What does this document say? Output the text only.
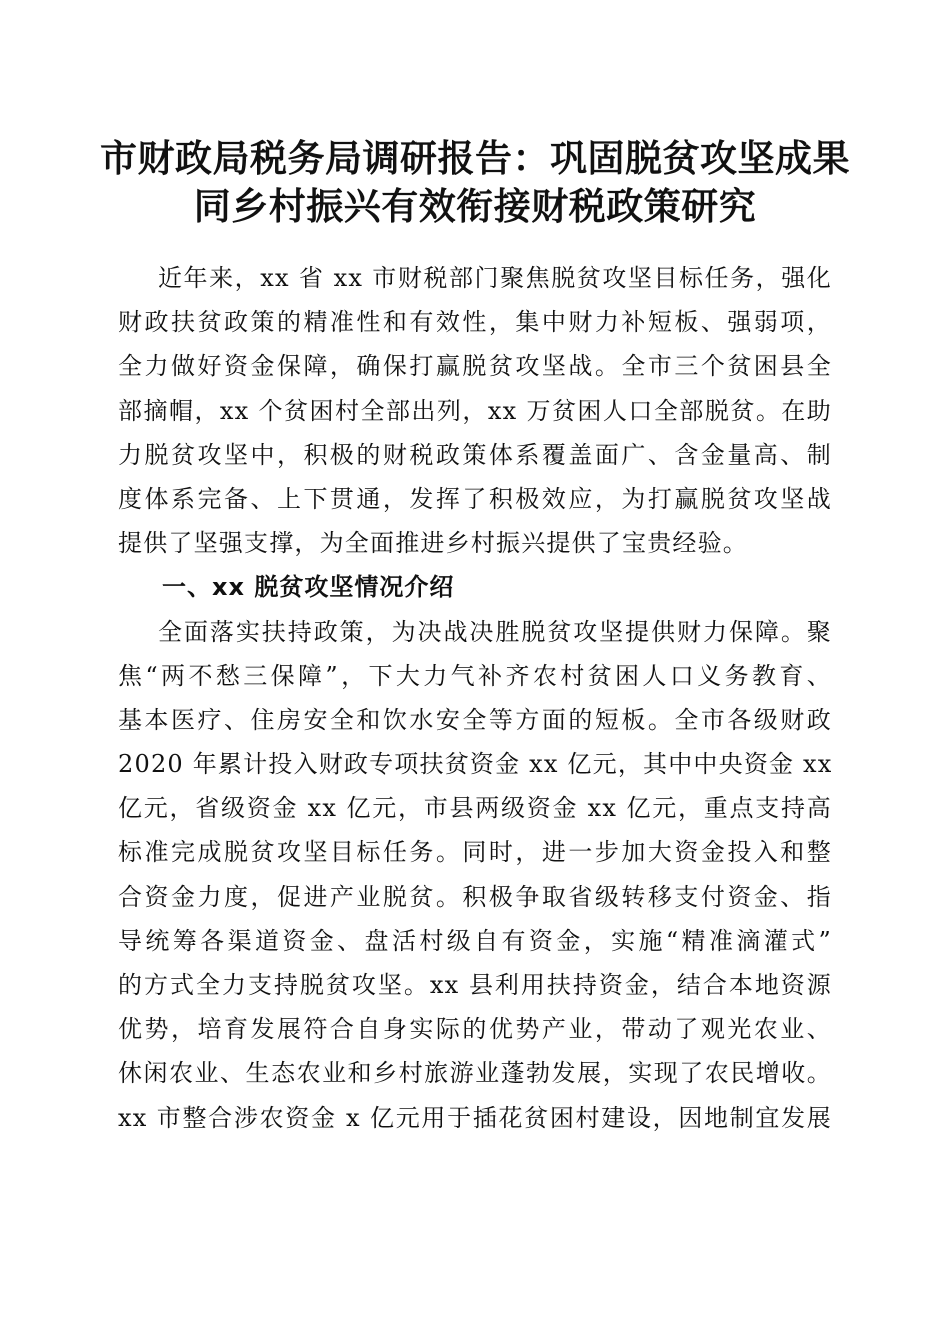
市财政局税务局调研报告：巩固脱贫攻坚成果
同乡村振兴有效衔接财税政策研究
近年来，xx 省 xx 市财税部门聚焦脱贫攻坚目标任务，强化
财政扶贫政策的精准性和有效性，集中财力补短板、强弱项，
全力做好资金保障，确保打赢脱贫攻坚战。全市三个贫困县全
部摘帽，xx 个贫困村全部出列，xx 万贫困人口全部脱贫。在助
力脱贫攻坚中，积极的财税政策体系覆盖面广、含金量高、制
度体系完备、上下贯通，发挥了积极效应，为打赢脱贫攻坚战
提供了坚强支撑，为全面推进乡村振兴提供了宝贵经验。
一、xx 脱贫攻坚情况介绍
全面落实扶持政策，为决战决胜脱贫攻坚提供财力保障。聚
焦“两不愁三保障”，下大力气补齐农村贫困人口义务教育、
基本医疗、住房安全和饮水安全等方面的短板。全市各级财政
2020 年累计投入财政专项扶贫资金 xx 亿元，其中中央资金 xx
亿元，省级资金 xx 亿元，市县两级资金 xx 亿元，重点支持高
标准完成脱贫攻坚目标任务。同时，进一步加大资金投入和整
合资金力度，促进产业脱贫。积极争取省级转移支付资金、指
导统筹各渠道资金、盘活村级自有资金，实施“精准滴灌式”
的方式全力支持脱贫攻坚。xx 县利用扶持资金，结合本地资源
优势，培育发展符合自身实际的优势产业，带动了观光农业、
休闲农业、生态农业和乡村旅游业蓬勃发展，实现了农民增收。
xx 市整合涉农资金 x 亿元用于插花贫困村建设，因地制宜发展
